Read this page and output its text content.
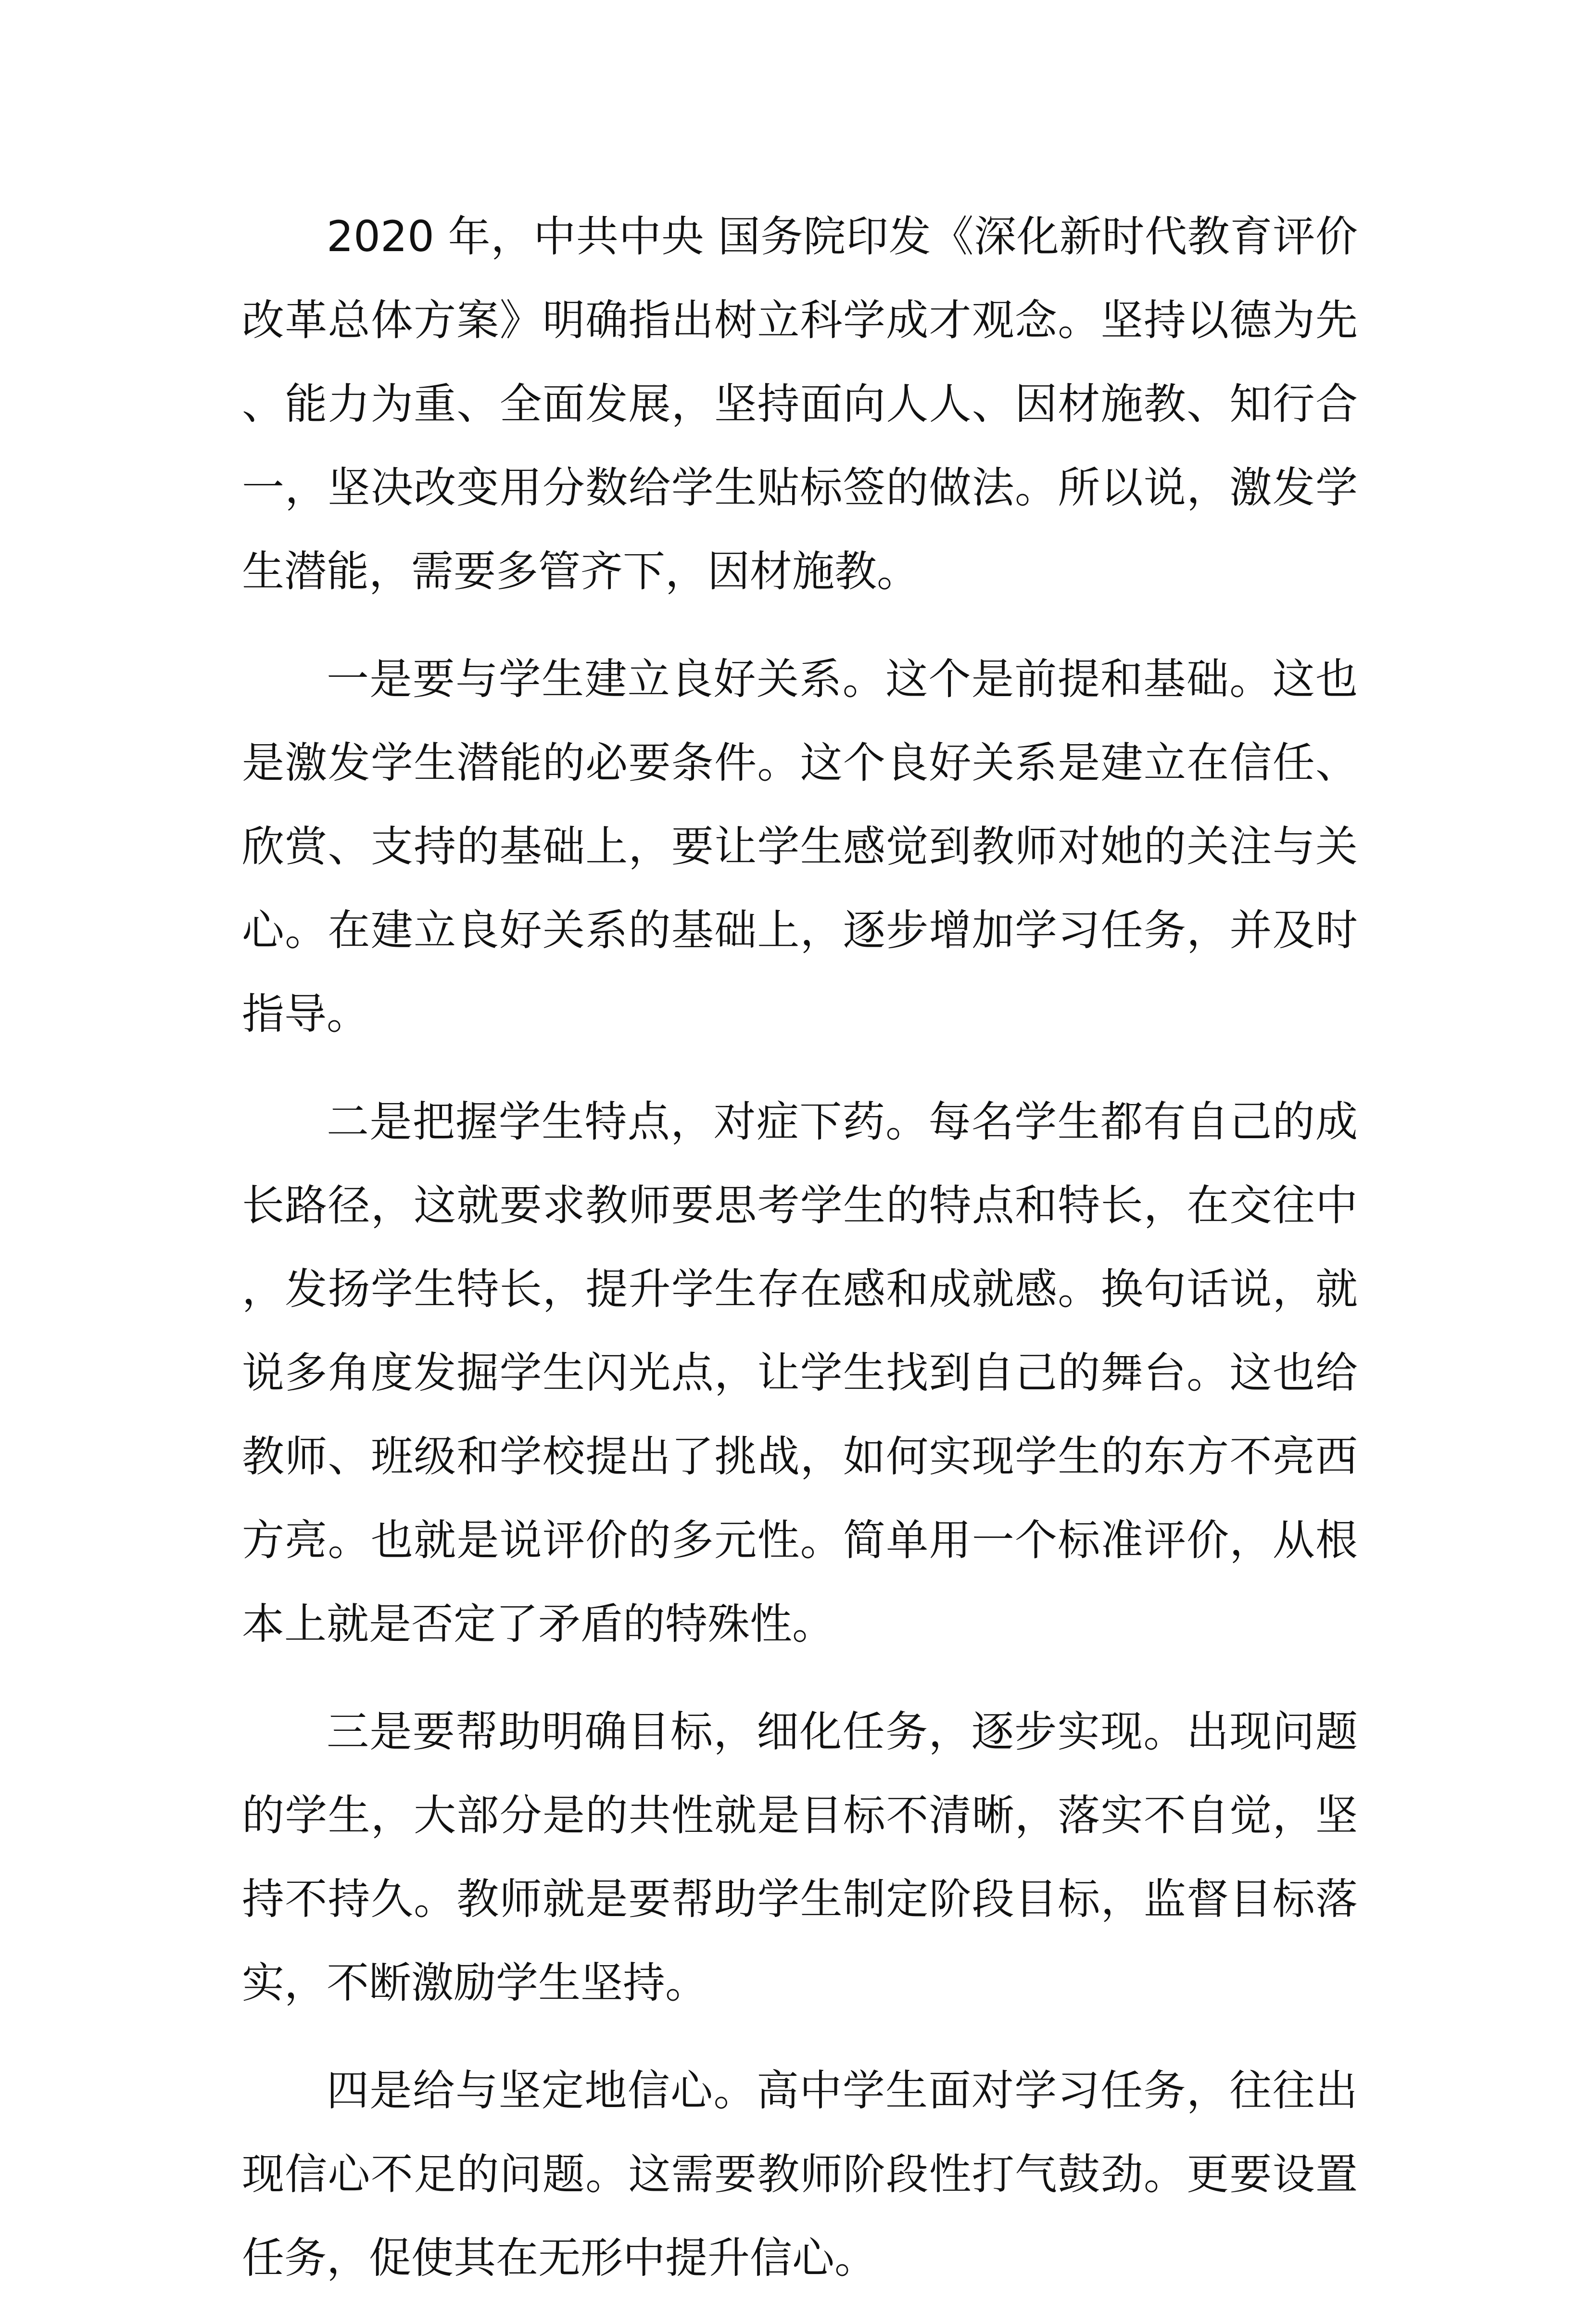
2020 年，中共中央 国务院印发《深化新时代教育评价改革总体方案》明确指出树立科学成才观念。坚持以德为先、能力为重、全面发展，坚持面向人人、因材施教、知行合一，坚决改变用分数给学生贴标签的做法。所以说，激发学生潜能，需要多管齐下，因材施教。

一是要与学生建立良好关系。这个是前提和基础。这也是激发学生潜能的必要条件。这个良好关系是建立在信任、欣赏、支持的基础上，要让学生感觉到教师对她的关注与关心。在建立良好关系的基础上，逐步增加学习任务，并及时指导。

二是把握学生特点，对症下药。每名学生都有自己的成长路径，这就要求教师要思考学生的特点和特长，在交往中，发扬学生特长，提升学生存在感和成就感。换句话说，就说多角度发掘学生闪光点，让学生找到自己的舞台。这也给教师、班级和学校提出了挑战，如何实现学生的东方不亮西方亮。也就是说评价的多元性。简单用一个标准评价，从根本上就是否定了矛盾的特殊性。

三是要帮助明确目标，细化任务，逐步实现。出现问题的学生，大部分是的共性就是目标不清晰，落实不自觉，坚持不持久。教师就是要帮助学生制定阶段目标，监督目标落实，不断激励学生坚持。

四是给与坚定地信心。高中学生面对学习任务，往往出现信心不足的问题。这需要教师阶段性打气鼓劲。更要设置任务，促使其在无形中提升信心。
